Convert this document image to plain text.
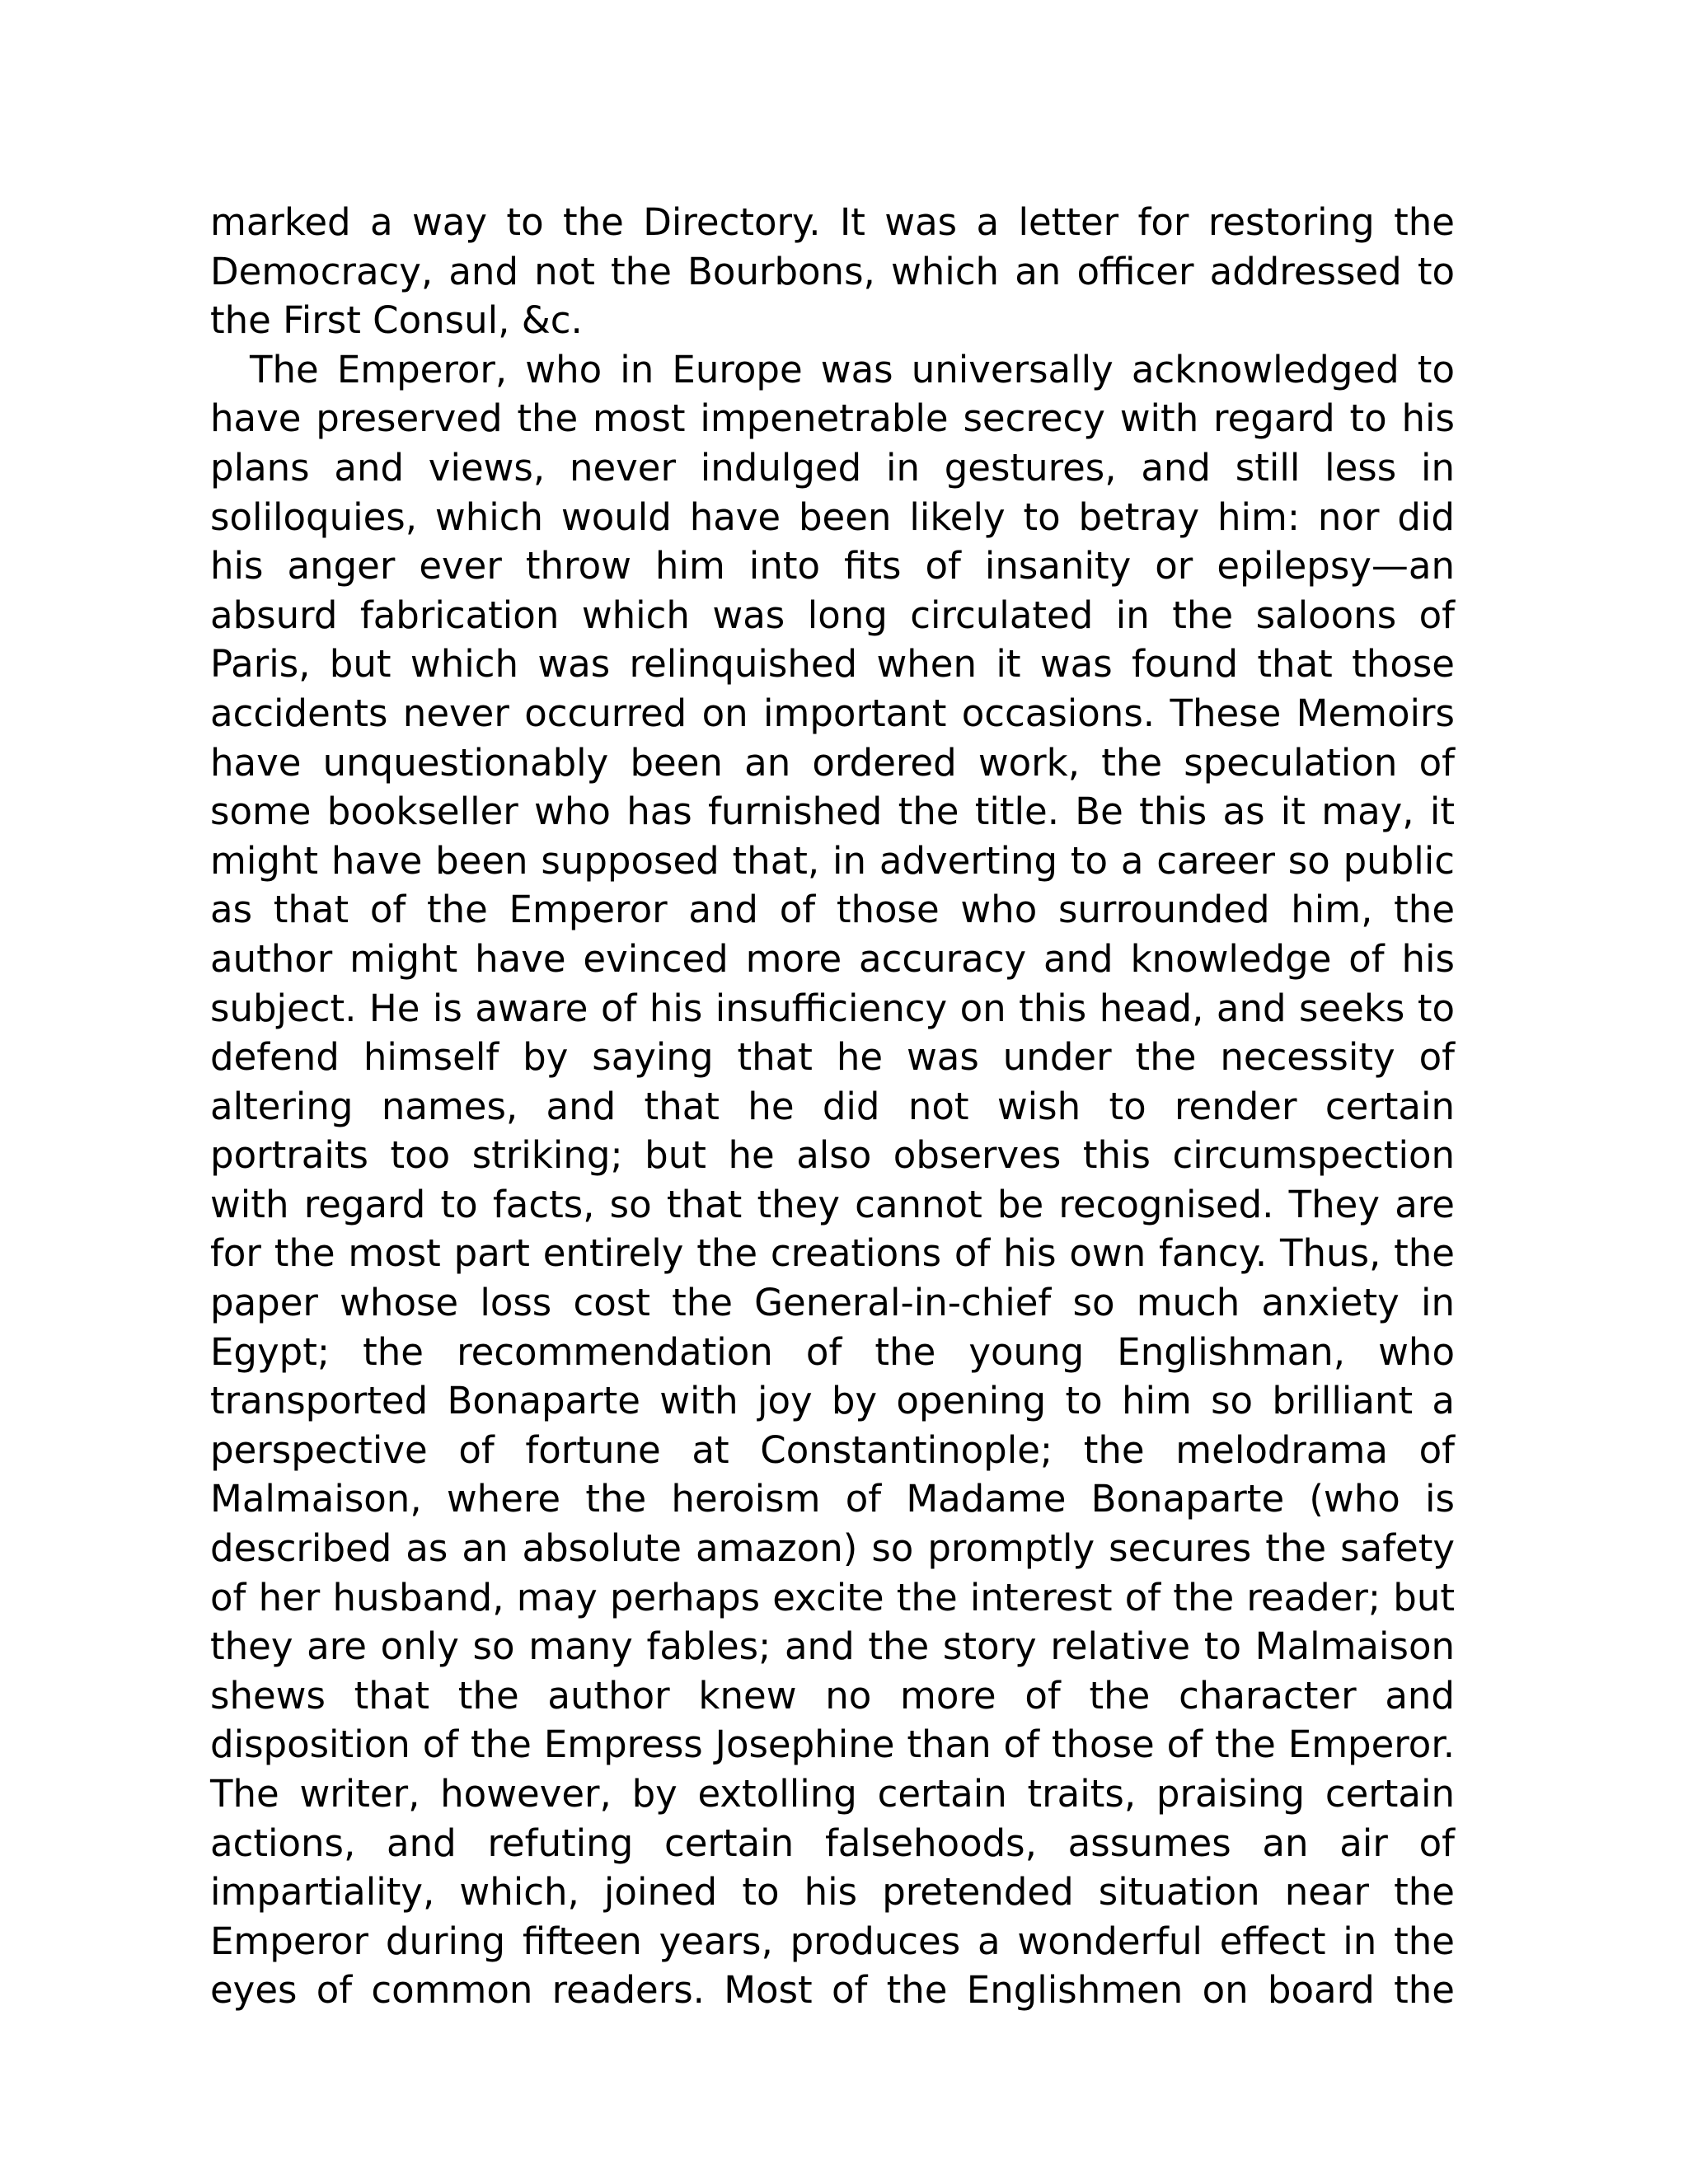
marked a way to the Directory. It was a letter for restoring the Democracy, and not the Bourbons, which an officer addressed to the First Consul, &c.

The Emperor, who in Europe was universally acknowledged to have preserved the most impenetrable secrecy with regard to his plans and views, never indulged in gestures, and still less in soliloquies, which would have been likely to betray him: nor did his anger ever throw him into fits of insanity or epilepsy—an absurd fabrication which was long circulated in the saloons of Paris, but which was relinquished when it was found that those accidents never occurred on important occasions. These Memoirs have unquestionably been an ordered work, the speculation of some bookseller who has furnished the title. Be this as it may, it might have been supposed that, in adverting to a career so public as that of the Emperor and of those who surrounded him, the author might have evinced more accuracy and knowledge of his subject. He is aware of his insufficiency on this head, and seeks to defend himself by saying that he was under the necessity of altering names, and that he did not wish to render certain portraits too striking; but he also observes this circumspection with regard to facts, so that they cannot be recognised. They are for the most part entirely the creations of his own fancy. Thus, the paper whose loss cost the General-in-chief so much anxiety in Egypt; the recommendation of the young Englishman, who transported Bonaparte with joy by opening to him so brilliant a perspective of fortune at Constantinople; the melodrama of Malmaison, where the heroism of Madame Bonaparte (who is described as an absolute amazon) so promptly secures the safety of her husband, may perhaps excite the interest of the reader; but they are only so many fables; and the story relative to Malmaison shews that the author knew no more of the character and disposition of the Empress Josephine than of those of the Emperor. The writer, however, by extolling certain traits, praising certain actions, and refuting certain falsehoods, assumes an air of impartiality, which, joined to his pretended situation near the Emperor during fifteen years, produces a wonderful effect in the eyes of common readers. Most of the Englishmen on board the
